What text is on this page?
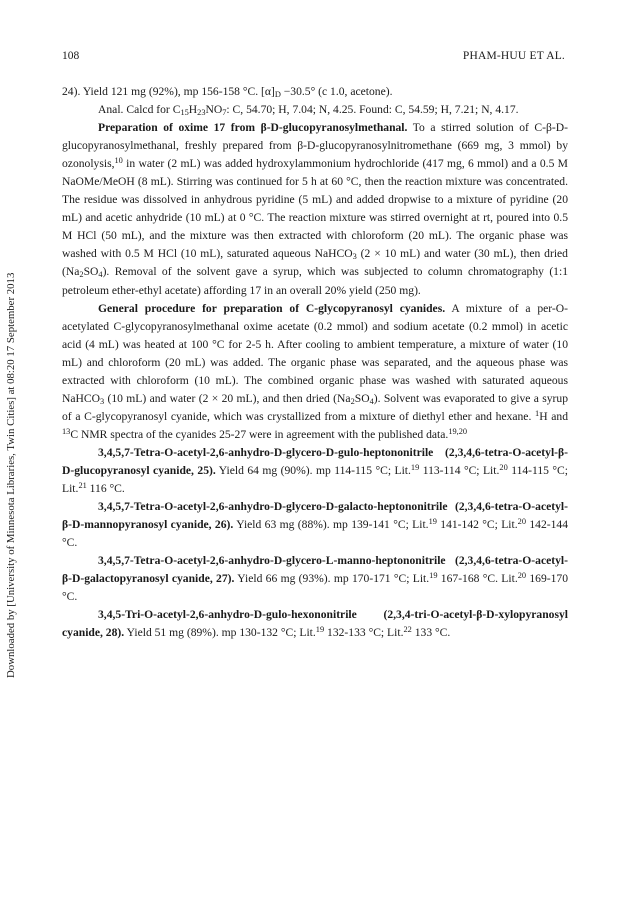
108	PHAM-HUU ET AL.
Downloaded by [University of Minnesota Libraries, Twin Cities] at 08:20 17 September 2013

24). Yield 121 mg (92%), mp 156-158 °C. $[\alpha]_D -30.5^\circ$ (c 1.0, acetone).

Anal. Calcd for $C_{15}H_{23}NO_7$: C, 54.70; H, 7.04; N, 4.25. Found: C, 54.59; H, 7.21; N, 4.17.

Preparation of oxime 17 from β-D-glucopyranosylmethanal. To a stirred solution of C-β-D-glucopyranosylmethanal, freshly prepared from β-D-glucopyranosylnitromethane (669 mg, 3 mmol) by ozonolysis,$^{10}$ in water (2 mL) was added hydroxylammonium hydrochloride (417 mg, 6 mmol) and a 0.5 M NaOMe/MeOH (8 mL). Stirring was continued for 5 h at 60 °C, then the reaction mixture was concentrated. The residue was dissolved in anhydrous pyridine (5 mL) and added dropwise to a mixture of pyridine (20 mL) and acetic anhydride (10 mL) at 0 °C. The reaction mixture was stirred overnight at rt, poured into 0.5 M HCl (50 mL), and the mixture was then extracted with chloroform (20 mL). The organic phase was washed with 0.5 M HCl (10 mL), saturated aqueous NaHCO$_3$ (2 × 10 mL) and water (30 mL), then dried $(Na_2SO_4)$. Removal of the solvent gave a syrup, which was subjected to column chromatography (1:1 petroleum ether-ethyl acetate) affording 17 in an overall 20% yield (250 mg).

General procedure for preparation of C-glycopyranosyl cyanides. A mixture of a per-O-acetylated C-glycopyranosylmethanal oxime acetate (0.2 mmol) and sodium acetate (0.2 mmol) in acetic acid (4 mL) was heated at 100 °C for 2-5 h. After cooling to ambient temperature, a mixture of water (10 mL) and chloroform (20 mL) was added. The organic phase was separated, and the aqueous phase was extracted with chloroform (10 mL). The combined organic phase was washed with saturated aqueous NaHCO$_3$ (10 mL) and water (2 × 20 mL), and then dried $(Na_2SO_4)$. Solvent was evaporated to give a syrup of a C-glycopyranosyl cyanide, which was crystallized from a mixture of diethyl ether and hexane. $^1$H and $^{13}$C NMR spectra of the cyanides 25-27 were in agreement with the published data.$^{19,20}$

3,4,5,7-Tetra-O-acetyl-2,6-anhydro-D-glycero-D-gulo-heptononitrile (2,3,4,6-tetra-O-acetyl-β-D-glucopyranosyl cyanide, 25). Yield 64 mg (90%). mp 114-115 °C; Lit.$^{19}$ 113-114 °C; Lit.$^{20}$ 114-115 °C; Lit.$^{21}$ 116 °C.

3,4,5,7-Tetra-O-acetyl-2,6-anhydro-D-glycero-D-galacto-heptononitrile (2,3,4,6-tetra-O-acetyl-β-D-mannopyranosyl cyanide, 26). Yield 63 mg (88%). mp 139-141 °C; Lit.$^{19}$ 141-142 °C; Lit.$^{20}$ 142-144 °C.

3,4,5,7-Tetra-O-acetyl-2,6-anhydro-D-glycero-L-manno-heptononitrile (2,3,4,6-tetra-O-acetyl-β-D-galactopyranosyl cyanide, 27). Yield 66 mg (93%). mp 170-171 °C; Lit.$^{19}$ 167-168 °C. Lit.$^{20}$ 169-170 °C.

3,4,5-Tri-O-acetyl-2,6-anhydro-D-gulo-hexononitrile (2,3,4-tri-O-acetyl-β-D-xylopyranosyl cyanide, 28). Yield 51 mg (89%). mp 130-132 °C; Lit.$^{19}$ 132-133 °C; Lit.$^{22}$ 133 °C.
